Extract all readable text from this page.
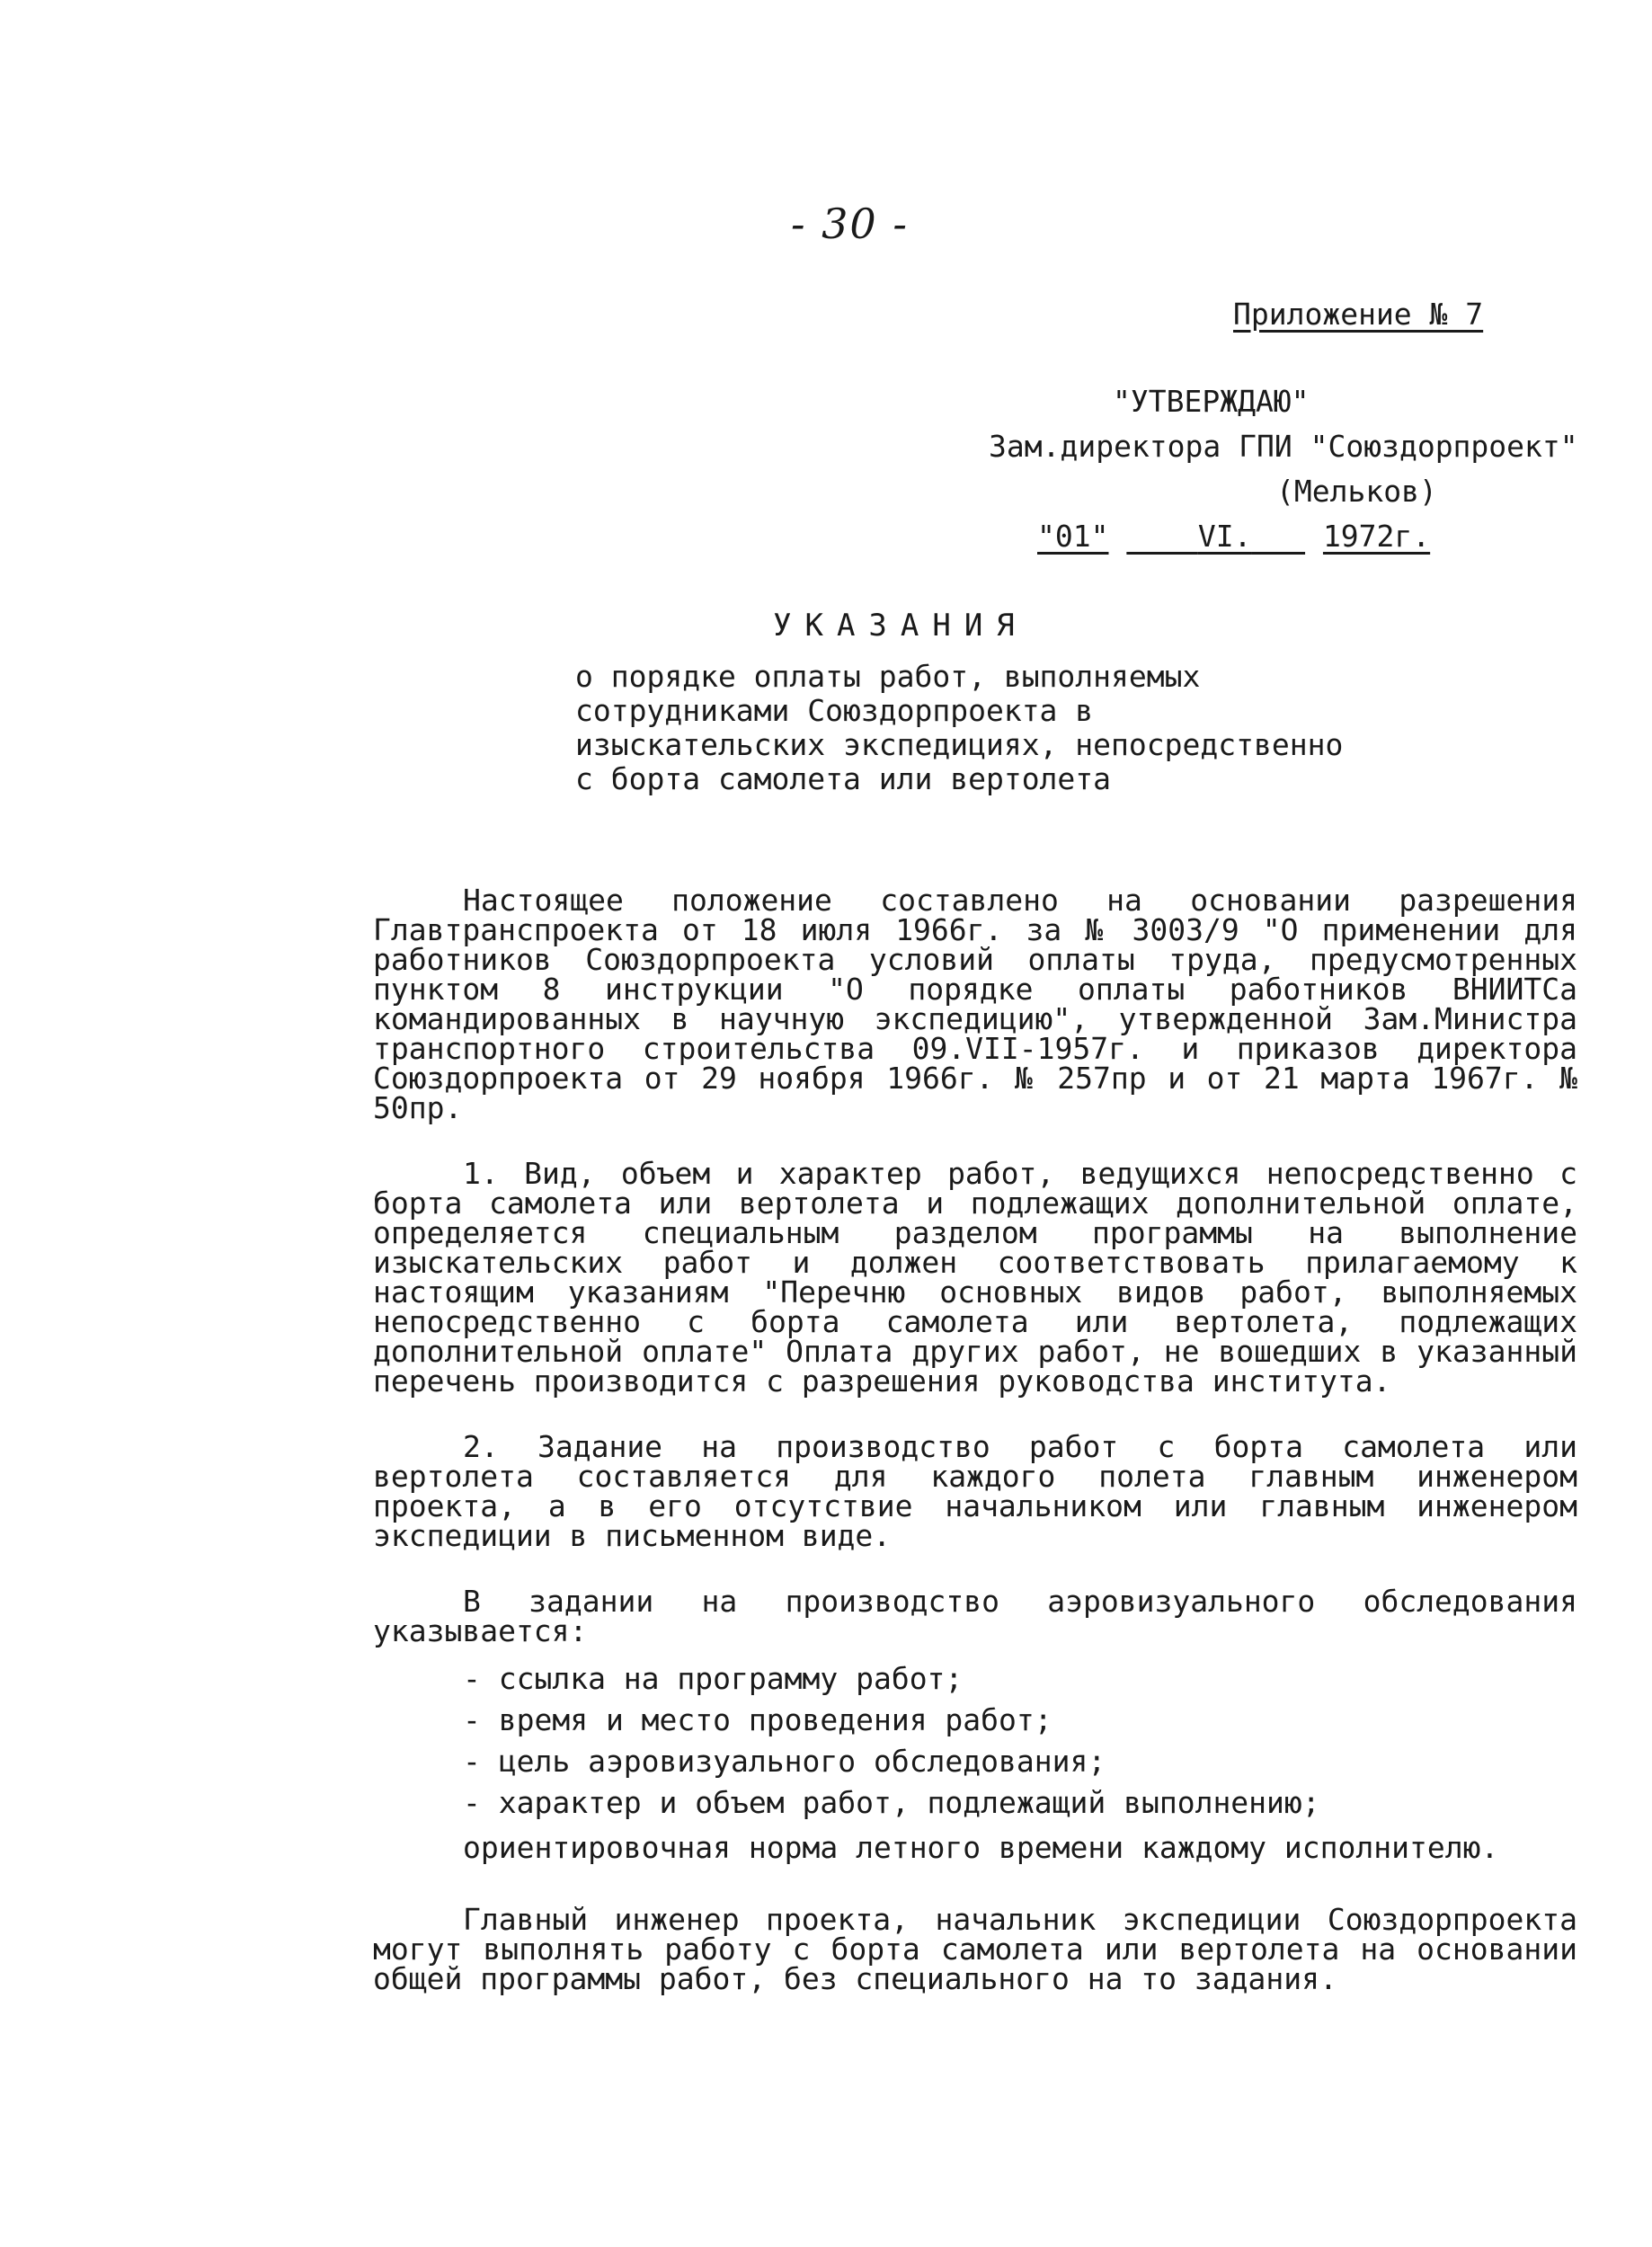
- 30 -
Приложение № 7
"УТВЕРЖДАЮ"
Зам.директора ГПИ "Союздорпроект"
(Мельков)
"01"	VI. 1972г.
УКАЗАНИЯ
о порядке оплаты работ, выполняемых сотрудниками Союздорпроекта в изыскательских экспедициях, непосредственно с борта самолета или вертолета

Настоящее положение составлено на основании разрешения Главтранспроекта от 18 июля 1966г. за № 3003/9 "О применении для работников Союздорпроекта условий оплаты труда, предусмотренных пунктом 8 инструкции "О порядке оплаты работников ВНИИТСа командированных в научную экспедицию", утвержденной Зам.Министра транспортного строительства 09.VII-1957г. и приказов директора Союздорпроекта от 29 ноября 1966г. № 257пр и от 21 марта 1967г. № 50пр.

1. Вид, объем и характер работ, ведущихся непосредственно с борта самолета или вертолета и подлежащих дополнительной оплате, определяется специальным разделом программы на выполнение изыскательских работ и должен соответствовать прилагаемому к настоящим указаниям "Перечню основных видов работ, выполняемых непосредственно с борта самолета или вертолета, подлежащих дополнительной оплате" Оплата других работ, не вошедших в указанный перечень производится с разрешения руководства института.

2. Задание на производство работ с борта самолета или вертолета составляется для каждого полета главным инженером проекта, а в его отсутствие начальником или главным инженером экспедиции в письменном виде.

В задании на производство аэровизуального обследования указывается:

- ссылка на программу работ;
- время и место проведения работ;
- цель аэровизуального обследования;
- характер и объем работ, подлежащий выполнению;

ориентировочная норма летного времени каждому исполнителю.

Главный инженер проекта, начальник экспедиции Союздорпроекта могут выполнять работу с борта самолета или вертолета на основании общей программы работ, без специального на то задания.
